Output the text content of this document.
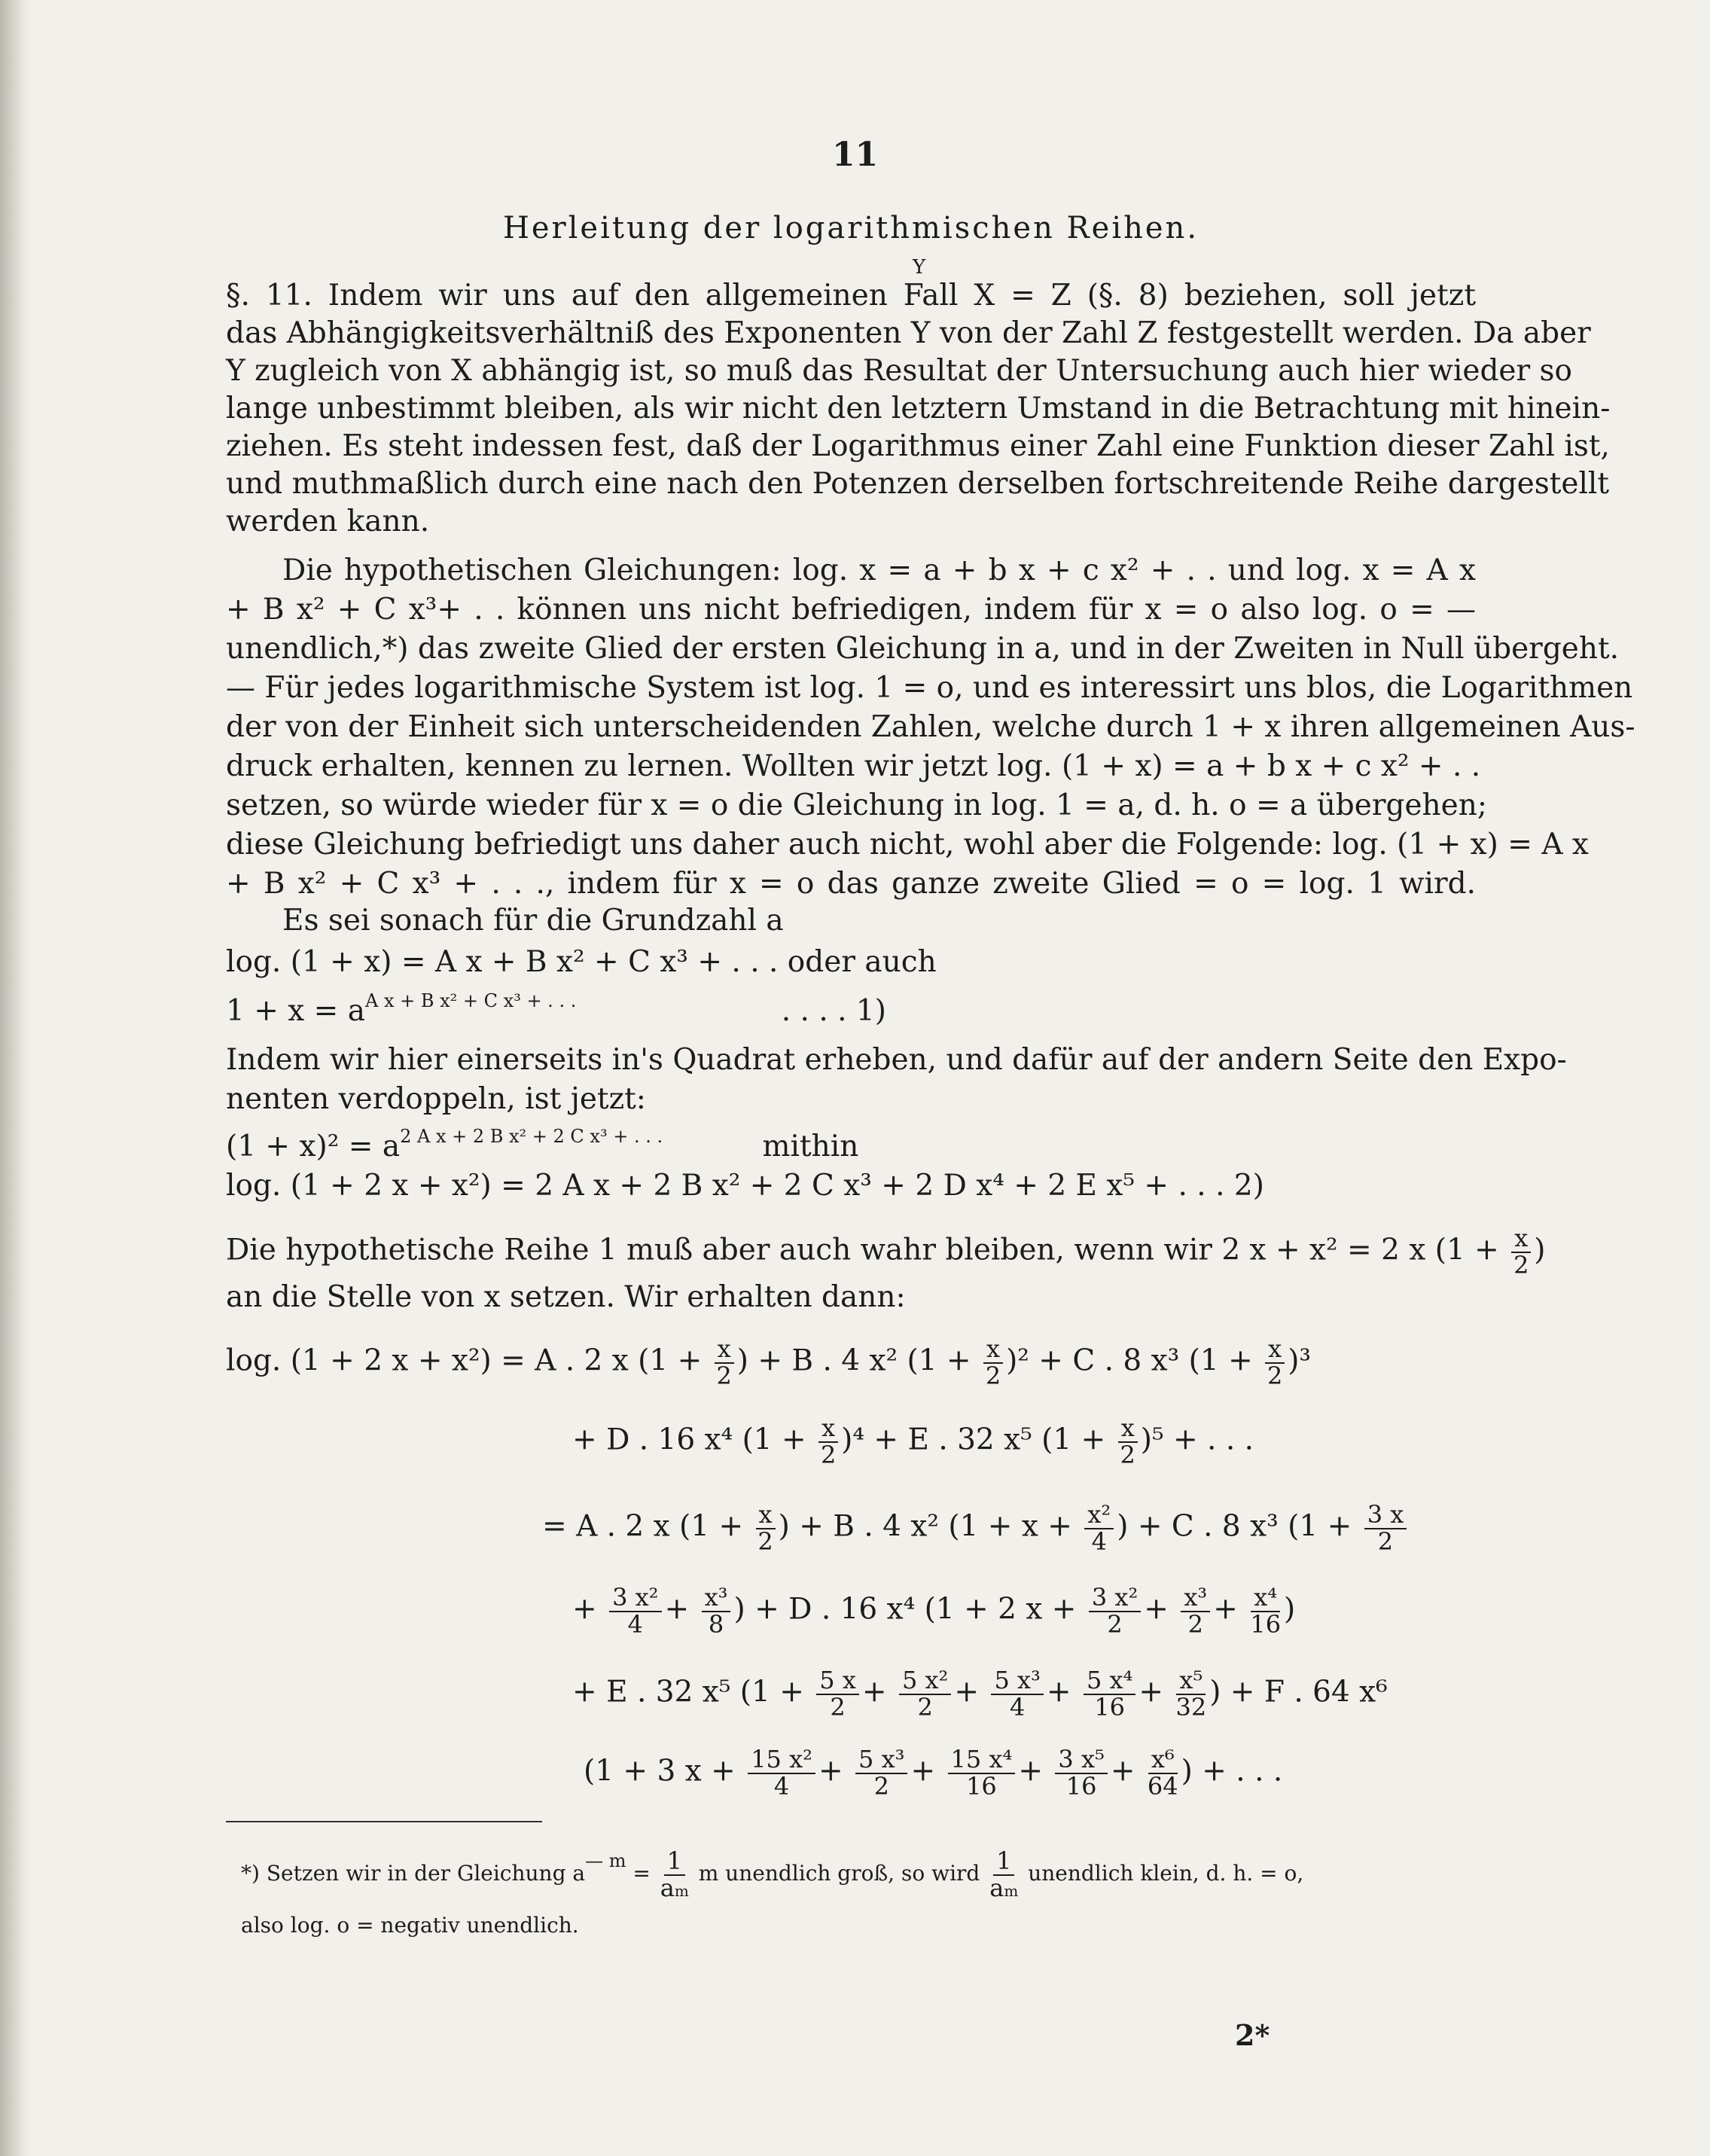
11
Herleitung der logarithmischen Reihen.
§. 11. Indem wir uns auf den allgemeinen Fall X = Z (§. 8) beziehen, soll jetzt
Y
das Abhängigkeitsverhältniß des Exponenten Y von der Zahl Z festgestellt werden. Da aber
Y zugleich von X abhängig ist, so muß das Resultat der Untersuchung auch hier wieder so
lange unbestimmt bleiben, als wir nicht den letztern Umstand in die Betrachtung mit hinein-
ziehen. Es steht indessen fest, daß der Logarithmus einer Zahl eine Funktion dieser Zahl ist,
und muthmaßlich durch eine nach den Potenzen derselben fortschreitende Reihe dargestellt
werden kann.
Die hypothetischen Gleichungen: log. x = a + b x + c x² + . . und log. x = A x
+ B x² + C x³+ . . können uns nicht befriedigen, indem für x = o also log. o = —
unendlich,*) das zweite Glied der ersten Gleichung in a, und in der Zweiten in Null übergeht.
— Für jedes logarithmische System ist log. 1 = o, und es interessirt uns blos, die Logarithmen
der von der Einheit sich unterscheidenden Zahlen, welche durch 1 + x ihren allgemeinen Aus-
druck erhalten, kennen zu lernen. Wollten wir jetzt log. (1 + x) = a + b x + c x² + . .
setzen, so würde wieder für x = o die Gleichung in log. 1 = a, d. h. o = a übergehen;
diese Gleichung befriedigt uns daher auch nicht, wohl aber die Folgende: log. (1 + x) = A x
+ B x² + C x³ + . . ., indem für x = o das ganze zweite Glied = o = log. 1 wird.
Es sei sonach für die Grundzahl a
log. (1 + x) = A x + B x² + C x³ + . . . oder auch
$1 + x = a^{A x + B x^2 + C x^3 + . . .}$	. . . . 1)
Indem wir hier einerseits in's Quadrat erheben, und dafür auf der andern Seite den Expo-
nenten verdoppeln, ist jetzt:
$(1 + x)^2 = a^{2 A x + 2 B x^2 + 2 C x^3 + . . .}$	mithin
log. (1 + 2 x + x²) = 2 A x + 2 B x² + 2 C x³ + 2 D x⁴ + 2 E x⁵ + . . . 2)
Die hypothetische Reihe 1 muß aber auch wahr bleiben, wenn wir 2 x + x² = 2 x ($1 + \frac{x}{2}$ )
an die Stelle von x setzen. Wir erhalten dann:
log. (1 + 2 x + x²) = A . 2 x ($1 + \frac{x}{2}$ ) + B . 4 x² $(1 + \frac{x}{2} )^2 + C$ . 8 x³ $(1 + \frac{x}{2} )^3$
+ D . 16 x⁴ $(1 + \frac{x}{2} )^4 + E$ . 32 x⁵ $(1 + \frac{x}{2} )^5$ + . . .
= A . 2 x ($1 + \frac{x}{2}$ ) + B . 4 x² ($1 + x + \frac{\text{x²}}{4}$ ) + C . 8 x³ ($1 + \frac{3 x}{2}$
+ $\frac{\text{3 x²}}{4} + \frac{\text{x³}}{8}$ ) + D . 16 x⁴ (1 + 2 $x + \frac{\text{3 x²}}{2} + \frac{\text{x³}}{2} + \frac{\text{x⁴}}{16}$ )
+ E . 32 x⁵ ($1 + \frac{5 x}{2} + \frac{\text{5 x²}}{2} + \frac{\text{5 x³}}{4} + \frac{\text{5 x⁴}}{16} + \frac{\text{x⁵}}{32}$ ) + F . 64 x⁶
(1 + 3 $x + \frac{\text{15 x²}}{4} + \frac{\text{5 x³}}{2} + \frac{\text{15 x⁴}}{16} + \frac{\text{3 x⁵}}{16} + \frac{\text{x⁶}}{64}$ ) + . . .
*) Setzen wir in der Gleichung a— $m = \frac{1}{am}$ m unendlich groß, so wird $\frac{1}{am}$ unendlich klein, d. h. = o,
also log. o = negativ unendlich.
2*
